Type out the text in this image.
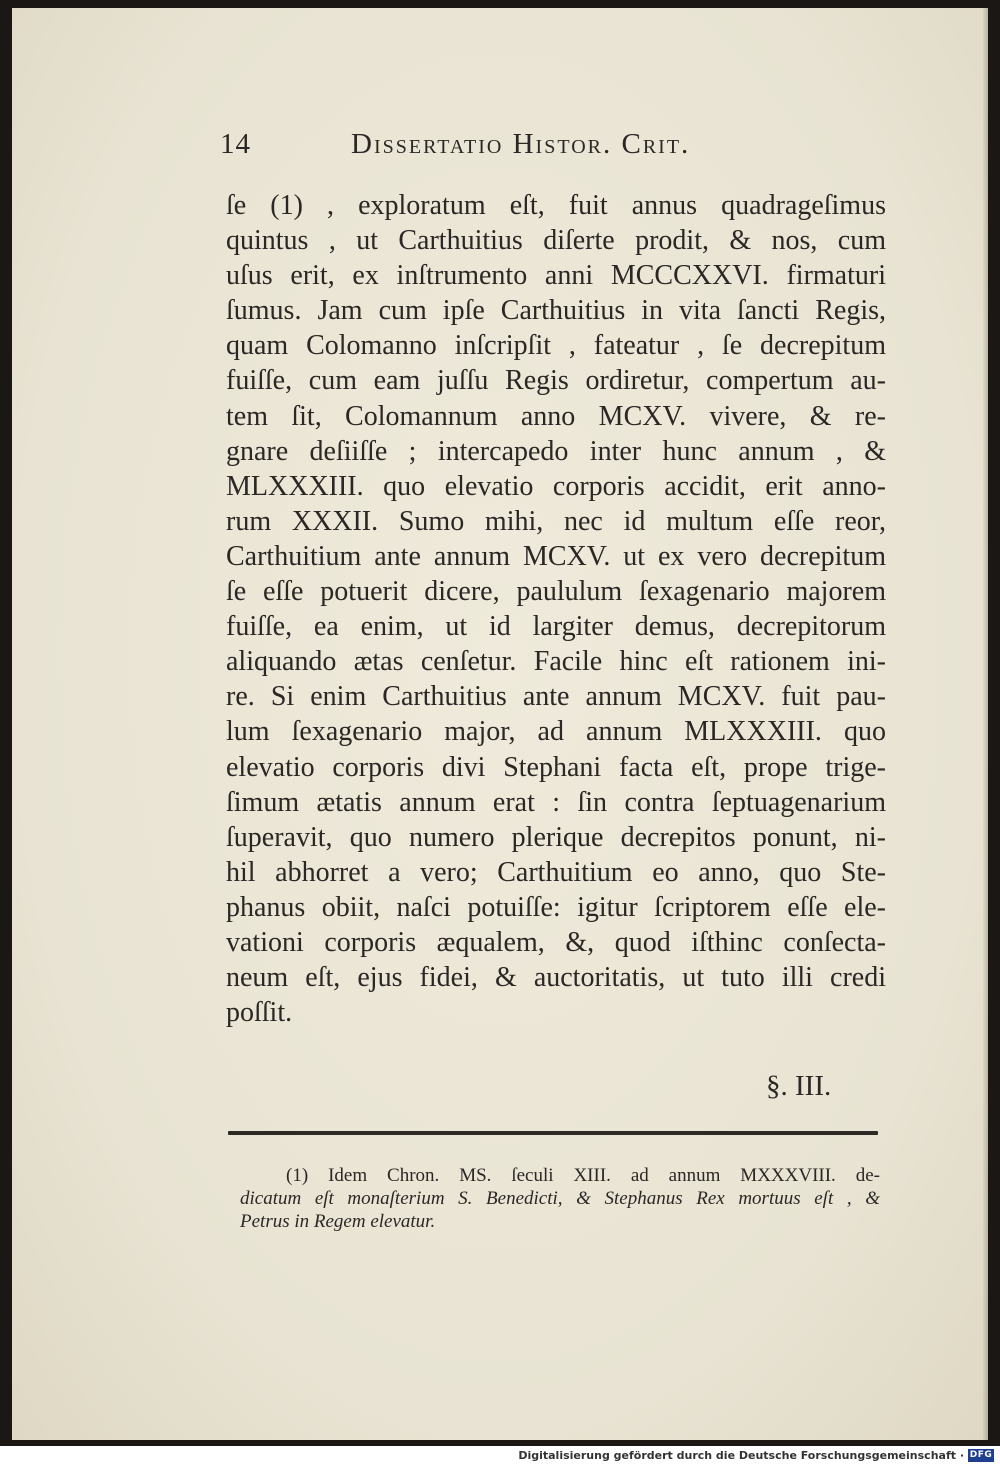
14	Dissertatio Histor. Crit.
ſe (1) , exploratum eſt, fuit annus quadrageſimus
quintus , ut Carthuitius diſerte prodit, & nos, cum
uſus erit, ex inſtrumento anni MCCCXXVI. firmaturi
ſumus. Jam cum ipſe Carthuitius in vita ſancti Regis,
quam Colomanno inſcripſit , fateatur , ſe decrepitum
fuiſſe, cum eam juſſu Regis ordiretur, compertum au-
tem ſit, Colomannum anno MCXV. vivere, & re-
gnare deſiiſſe ; intercapedo inter hunc annum , &
MLXXXIII. quo elevatio corporis accidit, erit anno-
rum XXXII. Sumo mihi, nec id multum eſſe reor,
Carthuitium ante annum MCXV. ut ex vero decrepitum
ſe eſſe potuerit dicere, paululum ſexagenario majorem
fuiſſe, ea enim, ut id largiter demus, decrepitorum
aliquando ætas cenſetur. Facile hinc eſt rationem ini-
re. Si enim Carthuitius ante annum MCXV. fuit pau-
lum ſexagenario major, ad annum MLXXXIII. quo
elevatio corporis divi Stephani facta eſt, prope trige-
ſimum ætatis annum erat : ſin contra ſeptuagenarium
ſuperavit, quo numero plerique decrepitos ponunt, ni-
hil abhorret a vero; Carthuitium eo anno, quo Ste-
phanus obiit, naſci potuiſſe: igitur ſcriptorem eſſe ele-
vationi corporis æqualem, &, quod iſthinc conſecta-
neum eſt, ejus fidei, & auctoritatis, ut tuto illi credi
poſſit.
§. III.
(1) Idem Chron. MS. ſeculi XIII. ad annum MXXXVIII. de-
dicatum eſt monaſterium S. Benedicti, & Stephanus Rex mortuus eſt , &
Petrus in Regem elevatur.
Digitalisierung gefördert durch die Deutsche Forschungsgemeinschaft · DFG
